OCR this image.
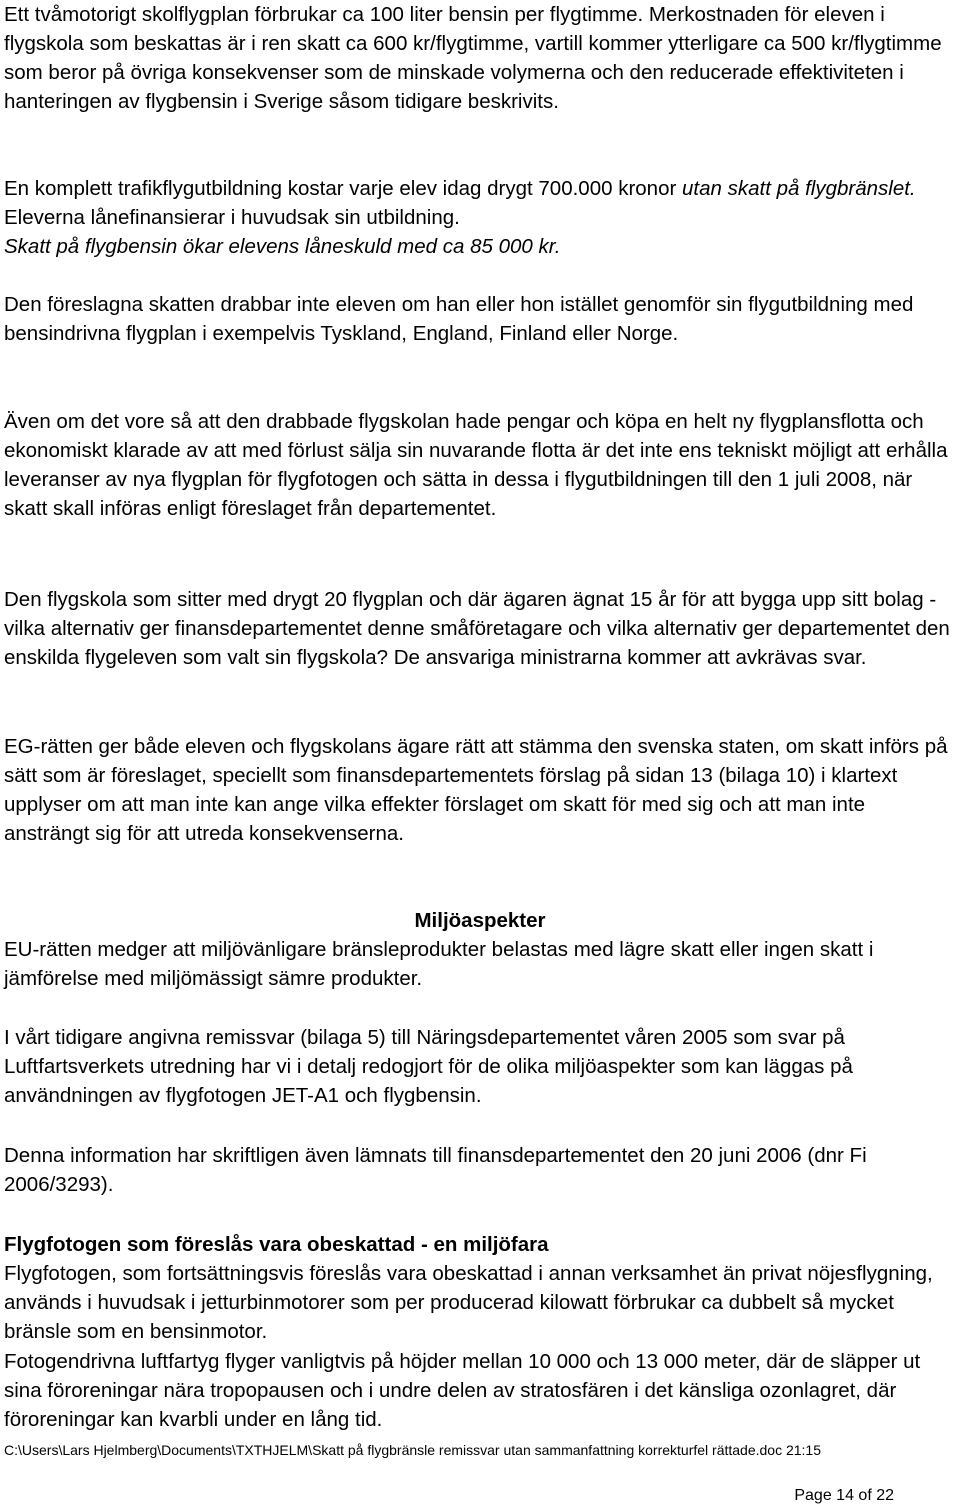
Ett tvåmotorigt skolflygplan förbrukar ca 100 liter bensin per flygtimme. Merkostnaden för eleven i flygskola som beskattas är i ren skatt ca 600 kr/flygtimme, vartill kommer ytterligare ca 500 kr/flygtimme som beror på övriga konsekvenser som de minskade volymerna och den reducerade effektiviteten i hanteringen av flygbensin i Sverige såsom tidigare beskrivits.

En komplett trafikflygutbildning kostar varje elev idag drygt 700.000 kronor utan skatt på flygbränslet. Eleverna lånefinansierar i huvudsak sin utbildning.
Skatt på flygbensin ökar elevens låneskuld med ca 85 000 kr.

Den föreslagna skatten drabbar inte eleven om han eller hon istället genomför sin flygutbildning med bensindrivna flygplan i exempelvis Tyskland, England, Finland eller Norge.

Även om det vore så att den drabbade flygskolan hade pengar och köpa en helt ny flygplansflotta och ekonomiskt klarade av att med förlust sälja sin nuvarande flotta är det inte ens tekniskt möjligt att erhålla leveranser av nya flygplan för flygfotogen och sätta in dessa i flygutbildningen till den 1 juli 2008, när skatt skall införas enligt föreslaget från departementet.

Den flygskola som sitter med drygt 20 flygplan och där ägaren ägnat 15 år för att bygga upp sitt bolag - vilka alternativ ger finansdepartementet denne småföretagare och vilka alternativ ger departementet den enskilda flygeleven som valt sin flygskola? De ansvariga ministrarna kommer att avkrävas svar.

EG-rätten ger både eleven och flygskolans ägare rätt att stämma den svenska staten, om skatt införs på sätt som är föreslaget, speciellt som finansdepartementets förslag på sidan 13 (bilaga 10) i klartext upplyser om att man inte kan ange vilka effekter förslaget om skatt för med sig och att man inte ansträngt sig för att utreda konsekvenserna.

Miljöaspekter

EU-rätten medger att miljövänligare bränsleprodukter belastas med lägre skatt eller ingen skatt i jämförelse med miljömässigt sämre produkter.

I vårt tidigare angivna remissvar (bilaga 5) till Näringsdepartementet våren 2005 som svar på Luftfartsverkets utredning har vi i detalj redogjort för de olika miljöaspekter som kan läggas på användningen av flygfotogen JET-A1 och flygbensin.

Denna information har skriftligen även lämnats till finansdepartementet den 20 juni 2006 (dnr Fi 2006/3293).

Flygfotogen som föreslås vara obeskattad - en miljöfara

Flygfotogen, som fortsättningsvis föreslås vara obeskattad i annan verksamhet än privat nöjesflygning, används i huvudsak i jetturbinmotorer som per producerad kilowatt förbrukar ca dubbelt så mycket bränsle som en bensinmotor.

Fotogendrivna luftfartyg flyger vanligtvis på höjder mellan 10 000 och 13 000 meter, där de släpper ut sina föroreningar nära tropopausen och i undre delen av stratosfären i det känsliga ozonlagret, där föroreningar kan kvarbli under en lång tid.

C:\Users\Lars Hjelmberg\Documents\TXTHJELM\Skatt på flygbränsle remissvar utan sammanfattning korrekturfel rättade.doc 21:15
Page 14 of 22
